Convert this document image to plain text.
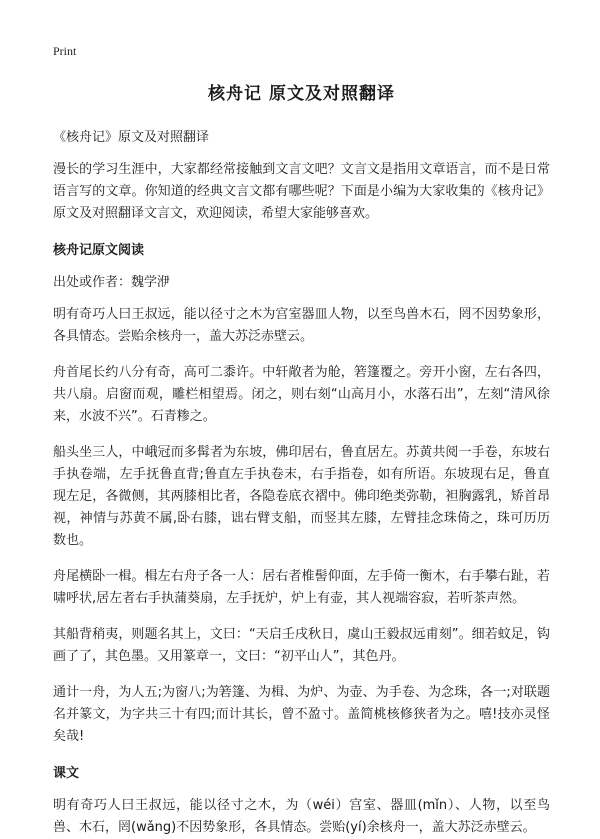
Print
核舟记 原文及对照翻译
《核舟记》原文及对照翻译

漫长的学习生涯中，大家都经常接触到文言文吧？文言文是指用文章语言，而不是日常语言写的文章。你知道的经典文言文都有哪些呢？下面是小编为大家收集的《核舟记》原文及对照翻译文言文，欢迎阅读，希望大家能够喜欢。

核舟记原文阅读

出处或作者：魏学洢

明有奇巧人曰王叔远，能以径寸之木为宫室器皿人物，以至鸟兽木石，罔不因势象形，各具情态。尝贻余核舟一，盖大苏泛赤壁云。

舟首尾长约八分有奇，高可二黍许。中轩敞者为舱，箬篷覆之。旁开小窗，左右各四，共八扇。启窗而观，雕栏相望焉。闭之，则右刻“山高月小，水落石出”，左刻“清风徐来，水波不兴”。石青糁之。

船头坐三人，中峨冠而多髯者为东坡，佛印居右，鲁直居左。苏黄共阅一手卷，东坡右手执卷端，左手抚鲁直背;鲁直左手执卷末，右手指卷，如有所语。东坡现右足，鲁直现左足，各微侧，其两膝相比者，各隐卷底衣褶中。佛印绝类弥勒，袒胸露乳，矫首昂视，神情与苏黄不属,卧右膝，诎右臂支船，而竖其左膝，左臂挂念珠倚之，珠可历历数也。

舟尾横卧一楫。楫左右舟子各一人：居右者椎髻仰面，左手倚一衡木，右手攀右趾，若啸呼状,居左者右手执蒲葵扇，左手抚炉，炉上有壶，其人视端容寂，若听茶声然。

其船背稍夷，则题名其上，文曰：“天启壬戌秋日，虞山王毅叔远甫刻”。细若蚊足，钩画了了，其色墨。又用篆章一，文曰：“初平山人”，其色丹。

通计一舟，为人五;为窗八;为箬篷、为楫、为炉、为壶、为手卷、为念珠，各一;对联题名并篆文，为字共三十有四;而计其长，曾不盈寸。盖简桃核修狭者为之。嘻!技亦灵怪矣哉!

课文

明有奇巧人曰王叔远，能以径寸之木，为（wéi）宫室、器皿(mǐn）、人物，以至鸟兽、木石，罔(wǎng)不因势象形，各具情态。尝贻(yí)余核舟一，盖大苏泛赤壁云。
